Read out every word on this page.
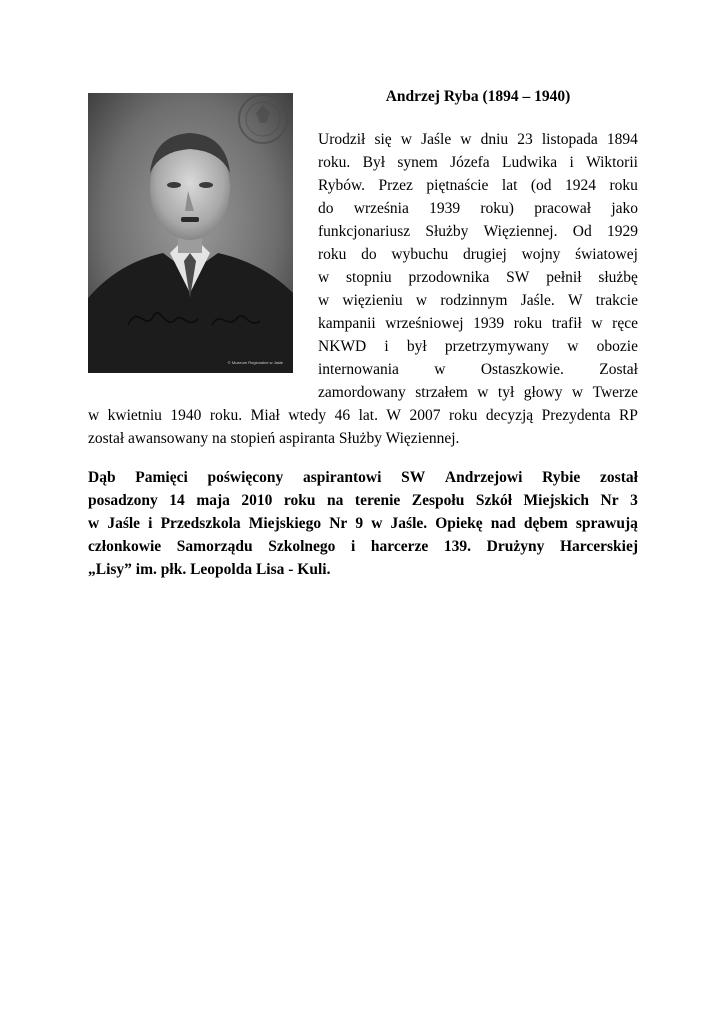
© Muzeum Regionalne w Jaśle
Andrzej Ryba (1894 – 1940)
Urodził się w Jaśle w dniu 23 listopada 1894
roku. Był synem Józefa Ludwika i Wiktorii
Rybów. Przez piętnaście lat (od 1924 roku
do września 1939 roku) pracował jako
funkcjonariusz Służby Więziennej. Od 1929
roku do wybuchu drugiej wojny światowej
w stopniu przodownika SW pełnił służbę
w więzieniu w rodzinnym Jaśle. W trakcie
kampanii wrześniowej 1939 roku trafił w ręce
NKWD i był przetrzymywany w obozie
internowania w Ostaszkowie. Został
zamordowany strzałem w tył głowy w Twerze
w kwietniu 1940 roku. Miał wtedy 46 lat. W 2007 roku decyzją Prezydenta RP
został awansowany na stopień aspiranta Służby Więziennej.
Dąb Pamięci poświęcony aspirantowi SW Andrzejowi Rybie został
posadzony 14 maja 2010 roku na terenie Zespołu Szkół Miejskich Nr 3
w Jaśle i Przedszkola Miejskiego Nr 9 w Jaśle. Opiekę nad dębem sprawują
członkowie Samorządu Szkolnego i harcerze 139. Drużyny Harcerskiej
„Lisy” im. płk. Leopolda Lisa - Kuli.
